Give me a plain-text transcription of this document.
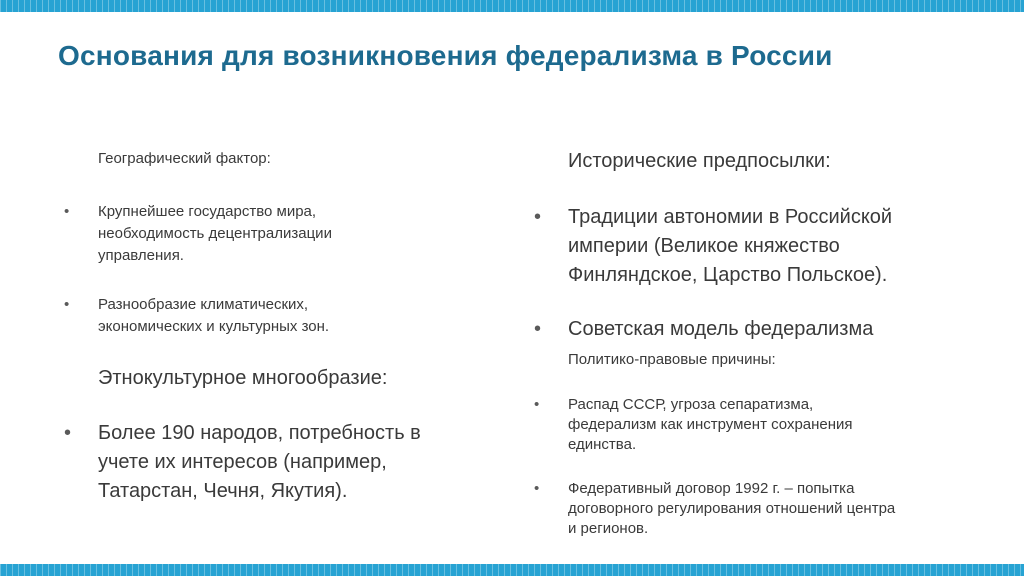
Основания для возникновения федерализма в России
Географический фактор:
• Крупнейшее государство мира,
необходимость децентрализации
управления.
• Разнообразие климатических,
экономических и культурных зон.
Этнокультурное многообразие:
• Более 190 народов, потребность в
учете их интересов (например,
Татарстан, Чечня, Якутия).
Исторические предпосылки:
• Традиции автономии в Российской
империи (Великое княжество
Финляндское, Царство Польское).
• Советская модель федерализма
Политико-правовые причины:
• Распад СССР, угроза сепаратизма,
федерализм как инструмент сохранения
единства.
• Федеративный договор 1992 г. – попытка
договорного регулирования отношений центра
и регионов.
